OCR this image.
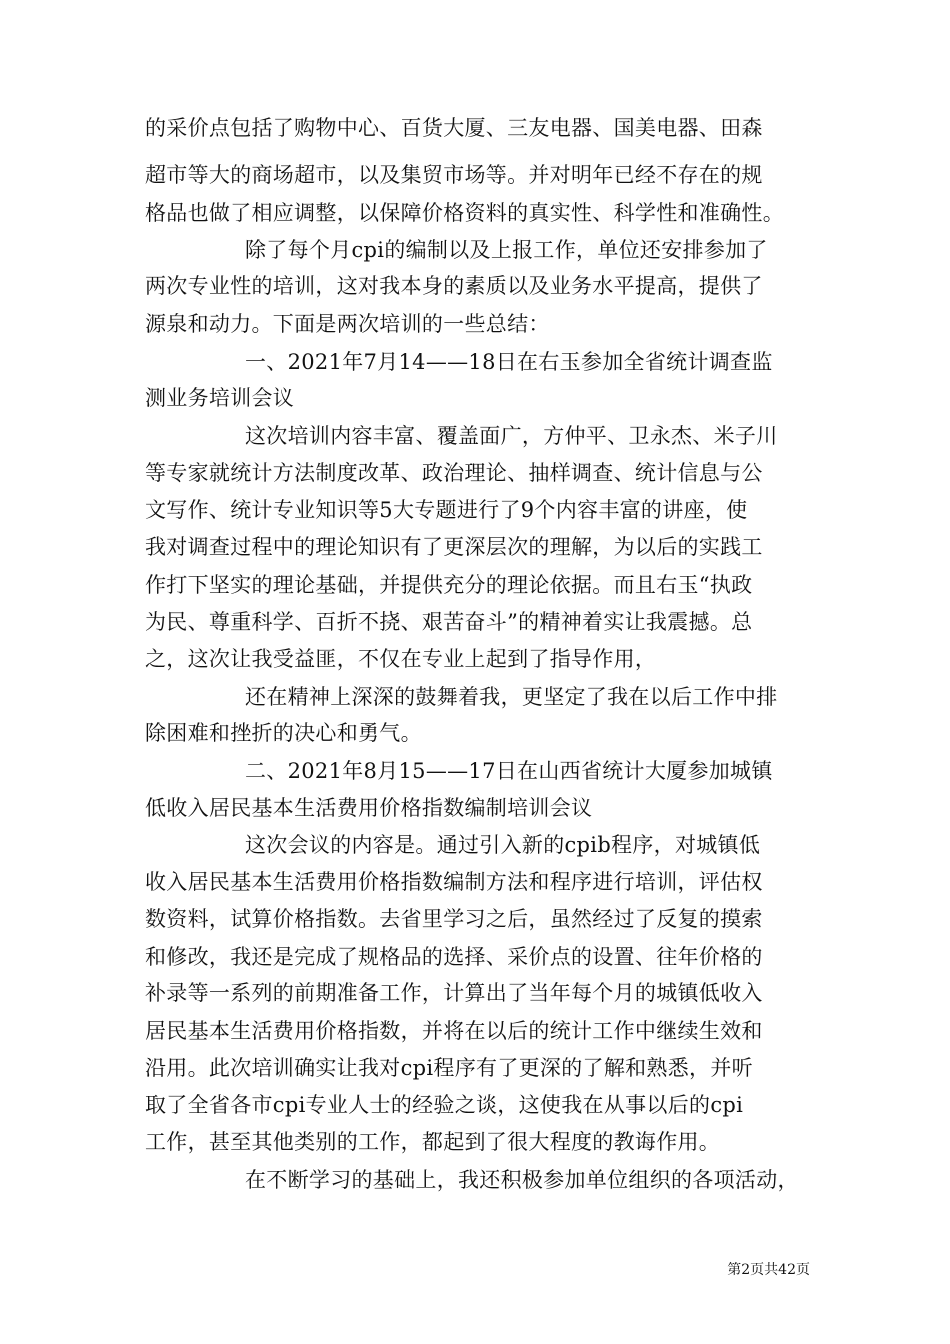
的采价点包括了购物中心、百货大厦、三友电器、国美电器、田森
超市等大的商场超市，以及集贸市场等。并对明年已经不存在的规
格品也做了相应调整，以保障价格资料的真实性、科学性和准确性。
除了每个月cpi的编制以及上报工作，单位还安排参加了
两次专业性的培训，这对我本身的素质以及业务水平提高，提供了
源泉和动力。下面是两次培训的一些总结：
一、2021年7月14——18日在右玉参加全省统计调查监
测业务培训会议
这次培训内容丰富、覆盖面广，方仲平、卫永杰、米子川
等专家就统计方法制度改革、政治理论、抽样调查、统计信息与公
文写作、统计专业知识等5大专题进行了9个内容丰富的讲座，使
我对调查过程中的理论知识有了更深层次的理解，为以后的实践工
作打下坚实的理论基础，并提供充分的理论依据。而且右玉“执政
为民、尊重科学、百折不挠、艰苦奋斗”的精神着实让我震撼。总
之，这次让我受益匪，不仅在专业上起到了指导作用，
还在精神上深深的鼓舞着我，更坚定了我在以后工作中排
除困难和挫折的决心和勇气。
二、2021年8月15——17日在山西省统计大厦参加城镇
低收入居民基本生活费用价格指数编制培训会议
这次会议的内容是。通过引入新的cpib程序，对城镇低
收入居民基本生活费用价格指数编制方法和程序进行培训，评估权
数资料，试算价格指数。去省里学习之后，虽然经过了反复的摸索
和修改，我还是完成了规格品的选择、采价点的设置、往年价格的
补录等一系列的前期准备工作，计算出了当年每个月的城镇低收入
居民基本生活费用价格指数，并将在以后的统计工作中继续生效和
沿用。此次培训确实让我对cpi程序有了更深的了解和熟悉，并听
取了全省各市cpi专业人士的经验之谈，这使我在从事以后的cpi
工作，甚至其他类别的工作，都起到了很大程度的教诲作用。
在不断学习的基础上，我还积极参加单位组织的各项活动，
第2页共42页
